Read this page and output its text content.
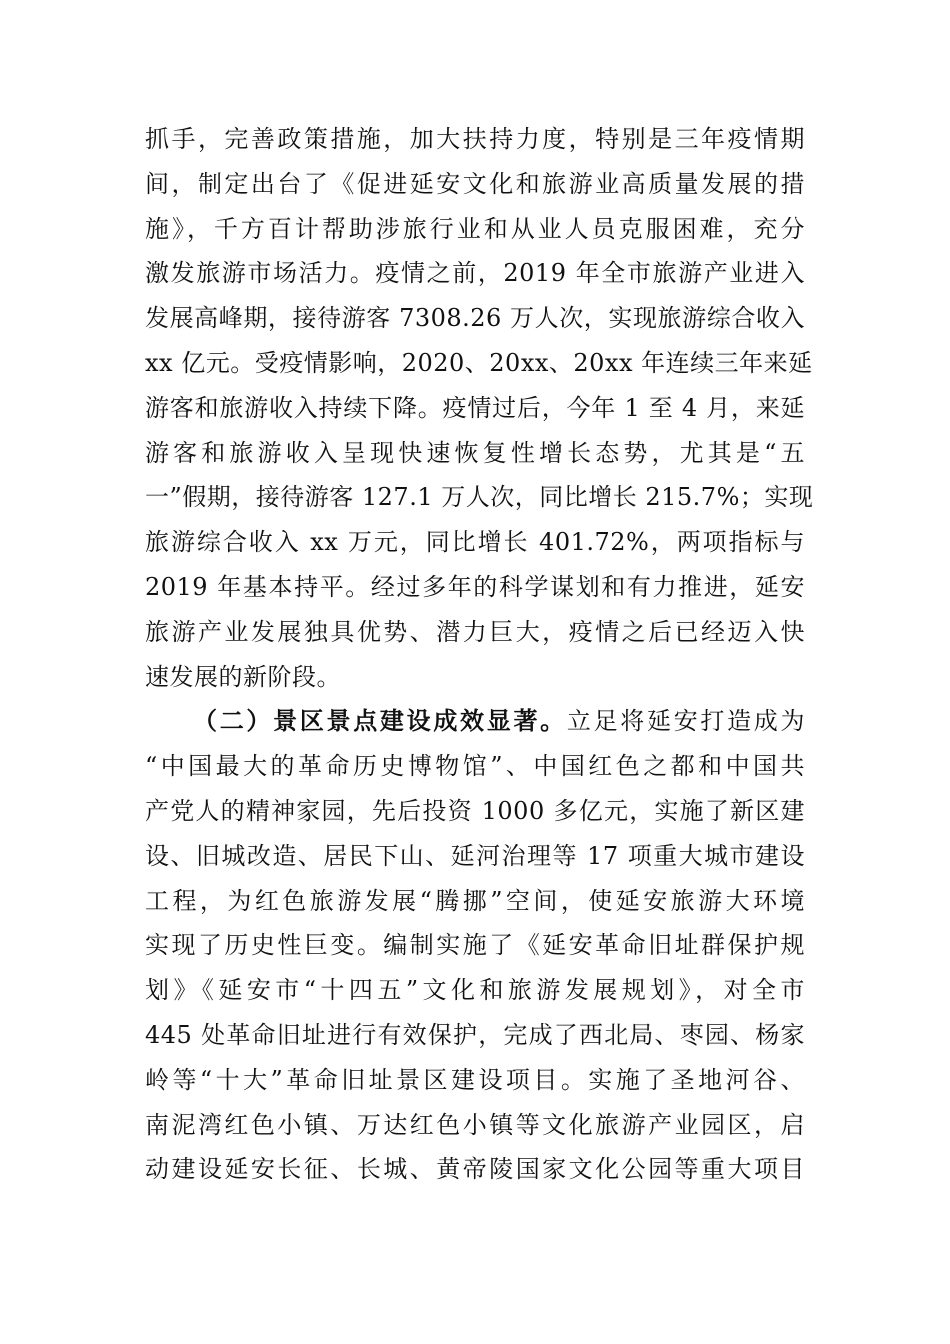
抓手，完善政策措施，加大扶持力度，特别是三年疫情期
间，制定出台了《促进延安文化和旅游业高质量发展的措
施》，千方百计帮助涉旅行业和从业人员克服困难，充分
激发旅游市场活力。疫情之前，2019 年全市旅游产业进入
发展高峰期，接待游客 7308.26 万人次，实现旅游综合收入
xx 亿元。受疫情影响，2020、20xx、20xx 年连续三年来延
游客和旅游收入持续下降。疫情过后，今年 1 至 4 月，来延
游客和旅游收入呈现快速恢复性增长态势，尤其是“五
一”假期，接待游客 127.1 万人次，同比增长 215.7%；实现
旅游综合收入 xx 万元，同比增长 401.72%，两项指标与
2019 年基本持平。经过多年的科学谋划和有力推进，延安
旅游产业发展独具优势、潜力巨大，疫情之后已经迈入快
速发展的新阶段。
（二）景区景点建设成效显著。立足将延安打造成为
“中国最大的革命历史博物馆”、中国红色之都和中国共
产党人的精神家园，先后投资 1000 多亿元，实施了新区建
设、旧城改造、居民下山、延河治理等 17 项重大城市建设
工程，为红色旅游发展“腾挪”空间，使延安旅游大环境
实现了历史性巨变。编制实施了《延安革命旧址群保护规
划》《延安市“十四五”文化和旅游发展规划》，对全市
445 处革命旧址进行有效保护，完成了西北局、枣园、杨家
岭等“十大”革命旧址景区建设项目。实施了圣地河谷、
南泥湾红色小镇、万达红色小镇等文化旅游产业园区，启
动建设延安长征、长城、黄帝陵国家文化公园等重大项目
